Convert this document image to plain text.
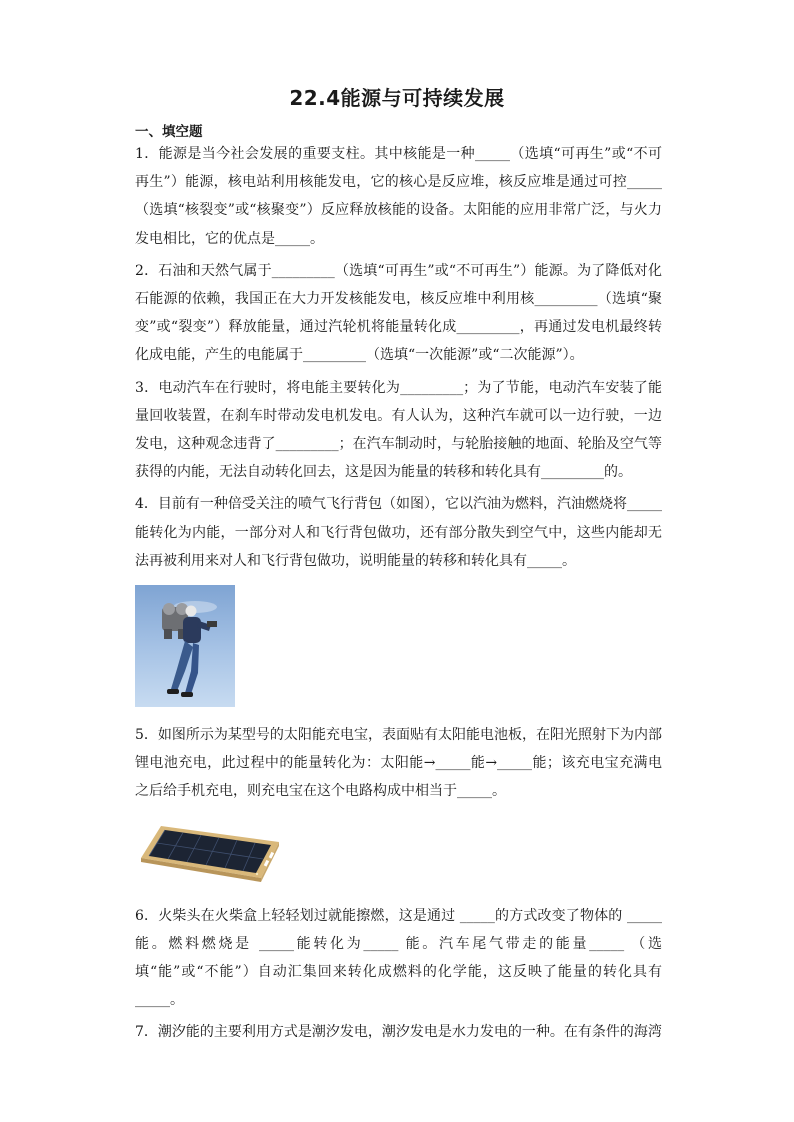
22.4能源与可持续发展
一、填空题

1．能源是当今社会发展的重要支柱。其中核能是一种_____（选填“可再生”或“不可再生”）能源，核电站利用核能发电，它的核心是反应堆，核反应堆是通过可控_____（选填“核裂变”或“核聚变”）反应释放核能的设备。太阳能的应用非常广泛，与火力发电相比，它的优点是_____。

2．石油和天然气属于_________（选填“可再生”或“不可再生”）能源。为了降低对化石能源的依赖，我国正在大力开发核能发电，核反应堆中利用核_________（选填“聚变”或“裂变”）释放能量，通过汽轮机将能量转化成_________，再通过发电机最终转化成电能，产生的电能属于_________（选填“一次能源”或“二次能源”）。

3．电动汽车在行驶时，将电能主要转化为_________；为了节能，电动汽车安装了能量回收装置，在刹车时带动发电机发电。有人认为，这种汽车就可以一边行驶，一边发电，这种观念违背了_________；在汽车制动时，与轮胎接触的地面、轮胎及空气等获得的内能，无法自动转化回去，这是因为能量的转移和转化具有_________的。

4．目前有一种倍受关注的喷气飞行背包（如图），它以汽油为燃料，汽油燃烧将_____能转化为内能，一部分对人和飞行背包做功，还有部分散失到空气中，这些内能却无法再被利用来对人和飞行背包做功，说明能量的转移和转化具有_____。

5．如图所示为某型号的太阳能充电宝，表面贴有太阳能电池板，在阳光照射下为内部锂电池充电，此过程中的能量转化为：太阳能→_____能→_____能；该充电宝充满电之后给手机充电，则充电宝在这个电路构成中相当于_____。

6．火柴头在火柴盒上轻轻划过就能擦燃，这是通过 _____的方式改变了物体的 _____能。燃料燃烧是 _____能转化为_____ 能。汽车尾气带走的能量_____ （选填“能”或“不能”）自动汇集回来转化成燃料的化学能，这反映了能量的转化具有 _____。

7．潮汐能的主要利用方式是潮汐发电，潮汐发电是水力发电的一种。在有条件的海湾
